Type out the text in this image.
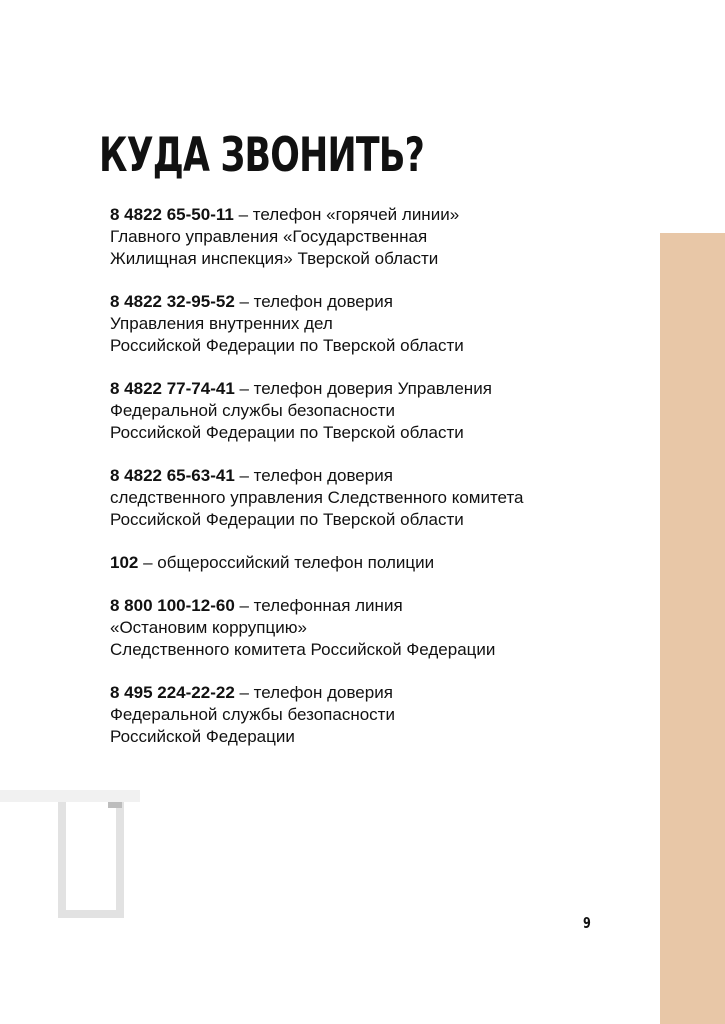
КУДА ЗВОНИТЬ?
8 4822 65-50-11 – телефон «горячей линии»
Главного управления «Государственная
Жилищная инспекция» Тверской области
8 4822 32-95-52 – телефон доверия
Управления внутренних дел
Российской Федерации по Тверской области
8 4822 77-74-41 – телефон доверия Управления
Федеральной службы безопасности
Российской Федерации по Тверской области
8 4822 65-63-41 – телефон доверия
следственного управления Следственного комитета
Российской Федерации по Тверской области
102 – общероссийский телефон полиции
8 800 100-12-60 – телефонная линия
«Остановим коррупцию»
Следственного комитета Российской Федерации
8 495 224-22-22 – телефон доверия
Федеральной службы безопасности
Российской Федерации
9
